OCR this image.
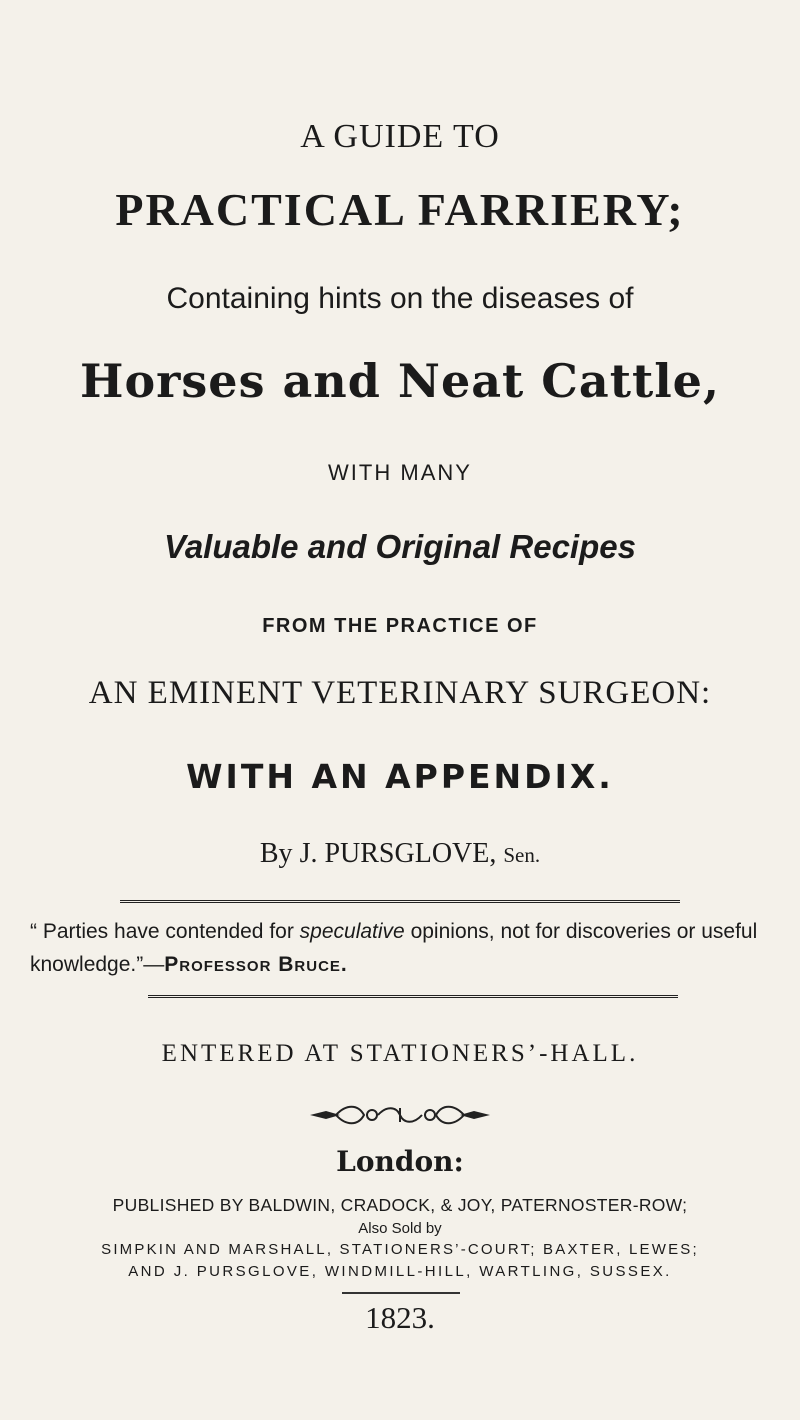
A GUIDE TO
PRACTICAL FARRIERY;
Containing hints on the diseases of
Horses and Neat Cattle,
WITH MANY
Valuable and Original Recipes
FROM THE PRACTICE OF
AN EMINENT VETERINARY SURGEON:
WITH AN APPENDIX.
By J. PURSGLOVE, Sen.
“ Parties have contended for speculative opinions, not for discoveries or useful knowledge.”—Professor Bruce.
ENTERED AT STATIONERS’-HALL.
London:
PUBLISHED BY BALDWIN, CRADOCK, & JOY, PATERNOSTER-ROW;
Also Sold by
SIMPKIN AND MARSHALL, STATIONERS’-COURT; BAXTER, LEWES;
AND J. PURSGLOVE, WINDMILL-HILL, WARTLING, SUSSEX.
1823.
